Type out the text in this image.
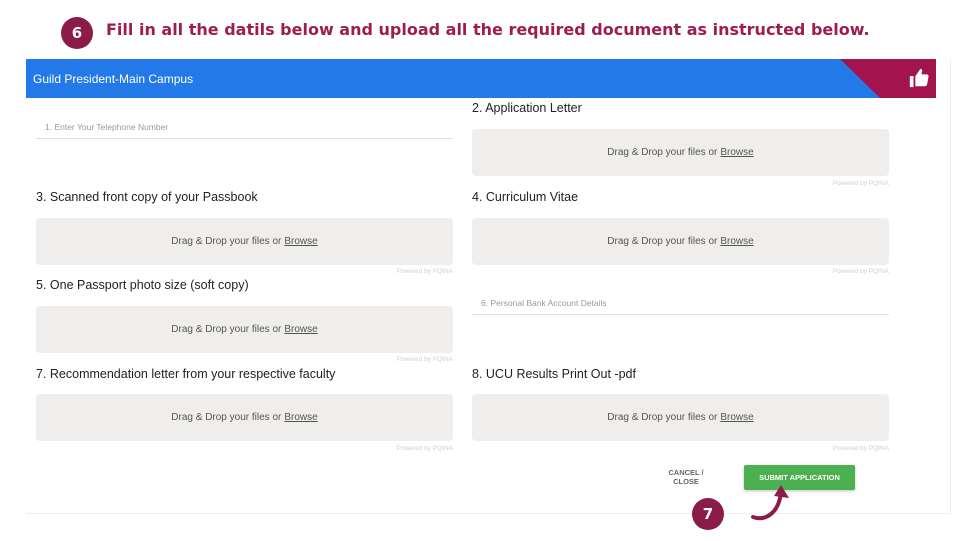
6	Fill in all the datils below and upload all the required document as instructed below.
Guild President-Main Campus
1. Enter Your Telephone Number
2. Application Letter
Drag & Drop your files or Browse
Powered by PQINA
3. Scanned front copy of your Passbook
Drag & Drop your files or Browse
Powered by PQINA
4. Curriculum Vitae
Drag & Drop your files or Browse
Powered by PQINA
5. One Passport photo size (soft copy)
Drag & Drop your files or Browse
Powered by PQINA
6. Personal Bank Account Details
7. Recommendation letter from your respective faculty
Drag & Drop your files or Browse
Powered by PQINA
8. UCU Results Print Out -pdf
Drag & Drop your files or Browse
Powered by PQINA
CANCEL / CLOSE	SUBMIT APPLICATION
7
